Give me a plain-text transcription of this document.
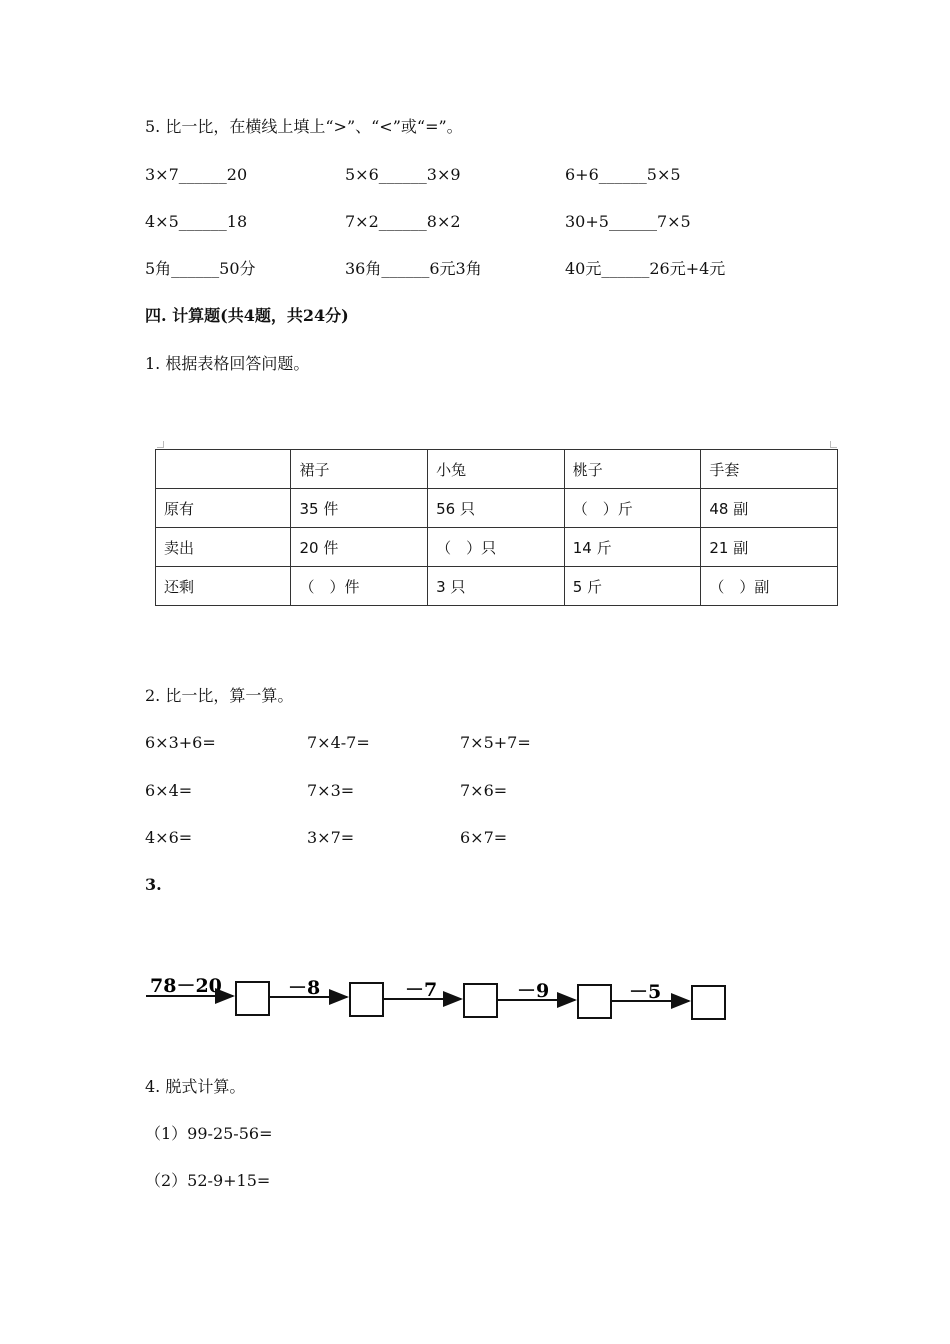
5. 比一比，在横线上填上“>”、“<”或“=”。
3×7______20	5×6______3×9	6+6______5×5
4×5______18	7×2______8×2	30+5______7×5
5角______50分	36角______6元3角	40元______26元+4元
四. 计算题(共4题，共24分)
1. 根据表格回答问题。
	裙子	小兔	桃子	手套
原有	35 件	56 只	（　）斤	48 副
卖出	20 件	（　）只	14 斤	21 副
还剩	（　）件	3 只	5 斤	（　）副
2. 比一比，算一算。
6×3+6=	7×4-7=	7×5+7=
6×4=	7×3=	7×6=
4×6=	3×7=	6×7=
3.
78－20	－8	－7	－9	－5
4. 脱式计算。
（1）99-25-56=
（2）52-9+15=
